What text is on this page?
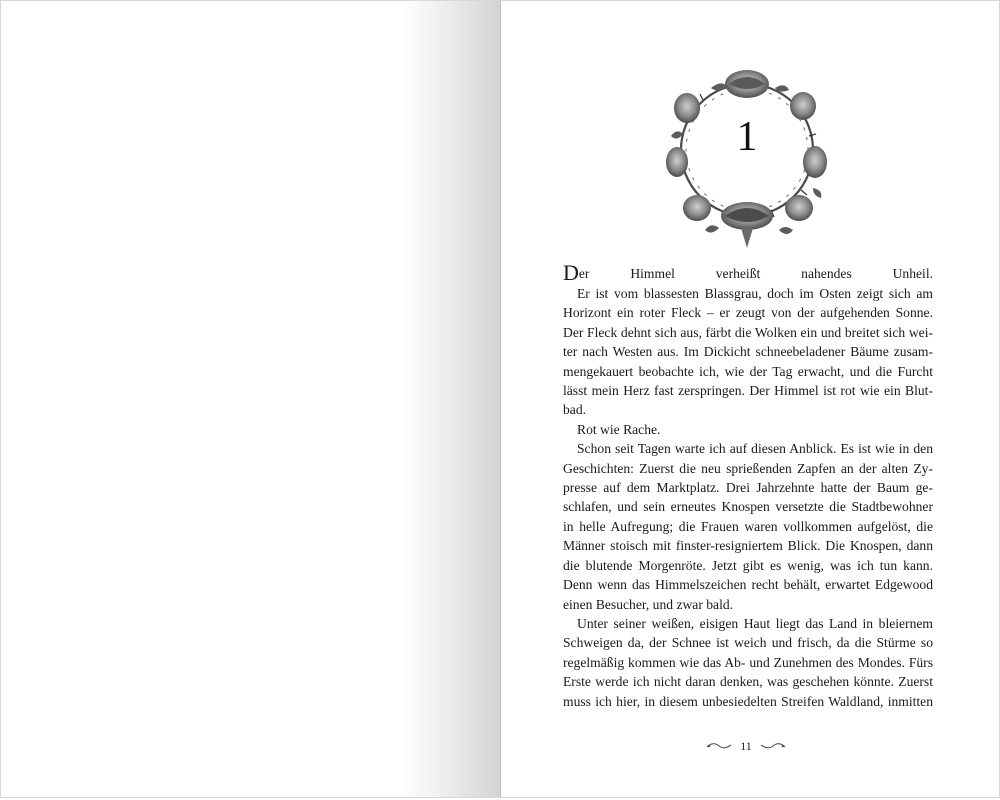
1

Der Himmel verheißt nahendes Unheil.

Er ist vom blassesten Blassgrau, doch im Osten zeigt sich am

Horizont ein roter Fleck – er zeugt von der aufgehenden Sonne.

Der Fleck dehnt sich aus, färbt die Wolken ein und breitet sich wei-

ter nach Westen aus. Im Dickicht schneebeladener Bäume zusam-

mengekauert beobachte ich, wie der Tag erwacht, und die Furcht

lässt mein Herz fast zerspringen. Der Himmel ist rot wie ein Blut-

bad.

Rot wie Rache.

Schon seit Tagen warte ich auf diesen Anblick. Es ist wie in den

Geschichten: Zuerst die neu sprießenden Zapfen an der alten Zy-

presse auf dem Marktplatz. Drei Jahrzehnte hatte der Baum ge-

schlafen, und sein erneutes Knospen versetzte die Stadtbewohner

in helle Aufregung; die Frauen waren vollkommen aufgelöst, die

Männer stoisch mit finster-resigniertem Blick. Die Knospen, dann

die blutende Morgenröte. Jetzt gibt es wenig, was ich tun kann.

Denn wenn das Himmelszeichen recht behält, erwartet Edgewood

einen Besucher, und zwar bald.

Unter seiner weißen, eisigen Haut liegt das Land in bleiernem

Schweigen da, der Schnee ist weich und frisch, da die Stürme so

regelmäßig kommen wie das Ab- und Zunehmen des Mondes. Fürs

Erste werde ich nicht daran denken, was geschehen könnte. Zuerst

muss ich hier, in diesem unbesiedelten Streifen Waldland, inmitten

11
